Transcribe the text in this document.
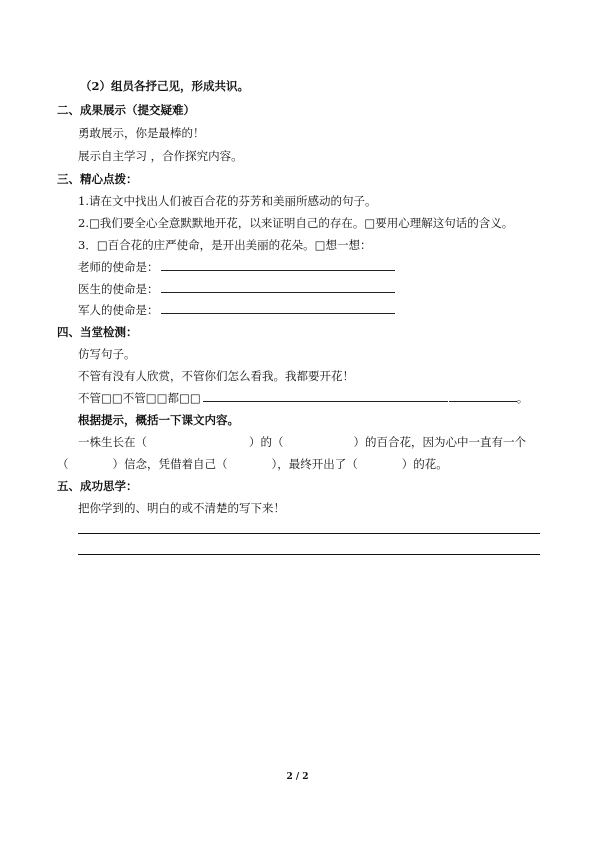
（2）组员各抒己见，形成共识。
二、成果展示（提交疑难）
勇敢展示，你是最棒的！
展示自主学习 ，合作探究内容。
三、精心点拨：
1.请在文中找出人们被百合花的芬芳和美丽所感动的句子。
2.□我们要全心全意默默地开花，以来证明自己的存在。□要用心理解这句话的含义。
3．□百合花的庄严使命，是开出美丽的花朵。□想一想：
老师的使命是：
医生的使命是：
军人的使命是：
四、当堂检测：
仿写句子。
不管有没有人欣赏，不管你们怎么看我。我都要开花！
不管□□不管□□都□□	。
根据提示，概括一下课文内容。
一株生长在（	）的（	）的百合花，因为心中一直有一个
（	）信念，凭借着自己（	），最终开出了（	）的花。
五、成功思学：
把你学到的、明白的或不清楚的写下来！
2 / 2
